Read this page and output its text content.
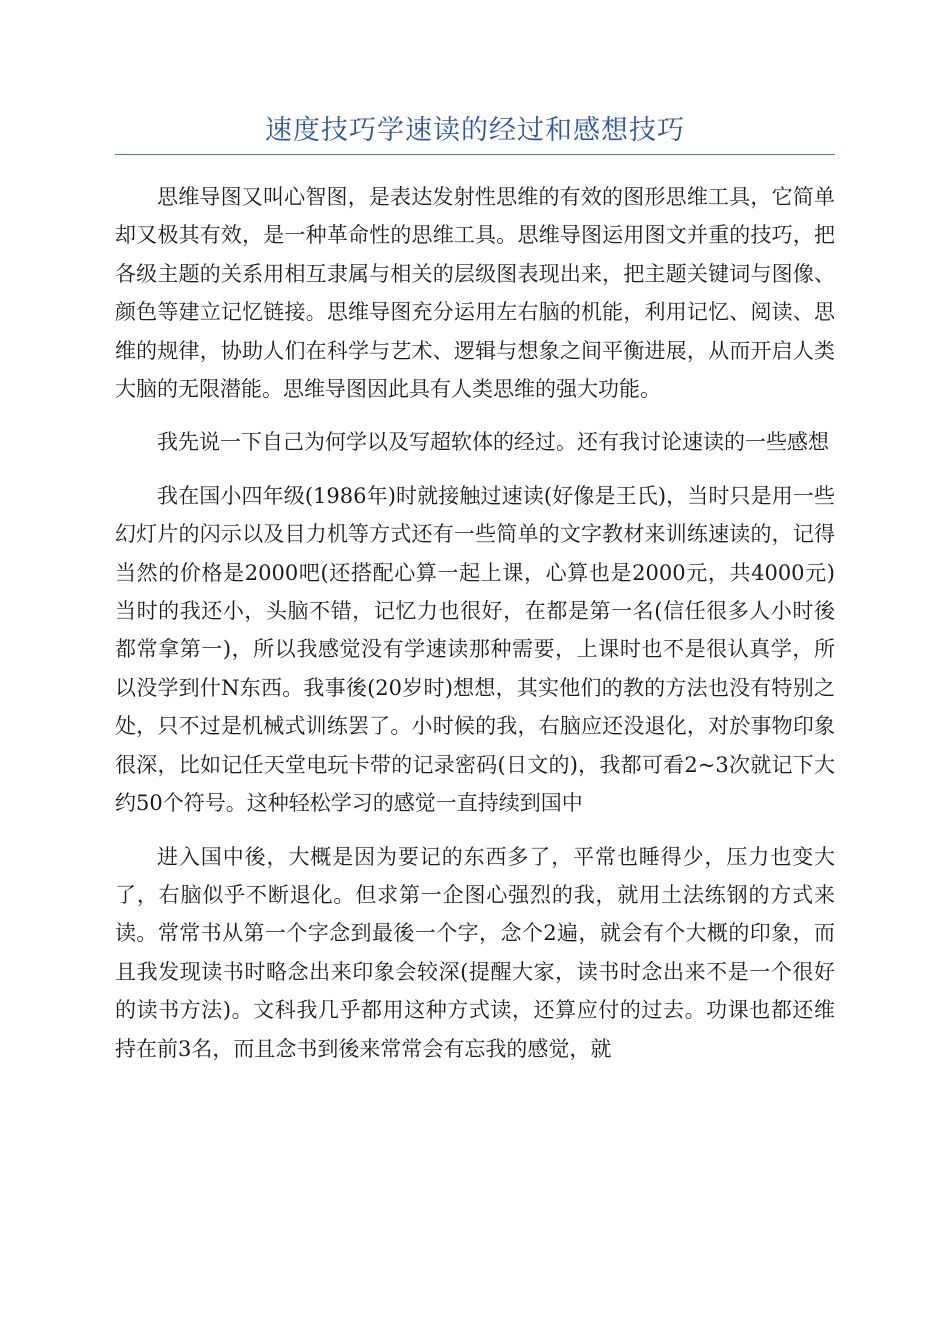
速度技巧学速读的经过和感想技巧

思维导图又叫心智图，是表达发射性思维的有效的图形思维工具，它简单却又极其有效，是一种革命性的思维工具。思维导图运用图文并重的技巧，把各级主题的关系用相互隶属与相关的层级图表现出来，把主题关键词与图像、颜色等建立记忆链接。思维导图充分运用左右脑的机能，利用记忆、阅读、思维的规律，协助人们在科学与艺术、逻辑与想象之间平衡进展，从而开启人类大脑的无限潜能。思维导图因此具有人类思维的强大功能。

我先说一下自己为何学以及写超软体的经过。还有我讨论速读的一些感想

我在国小四年级(1986年)时就接触过速读(好像是王氏)，当时只是用一些幻灯片的闪示以及目力机等方式还有一些简单的文字教材来训练速读的，记得当然的价格是2000吧(还搭配心算一起上课，心算也是2000元，共4000元)当时的我还小，头脑不错，记忆力也很好，在都是第一名(信任很多人小时後都常拿第一)，所以我感觉没有学速读那种需要，上课时也不是很认真学，所以没学到什N东西。我事後(20岁时)想想，其实他们的教的方法也没有特别之处，只不过是机械式训练罢了。小时候的我，右脑应还没退化，对於事物印象很深，比如记任天堂电玩卡带的记录密码(日文的)，我都可看2~3次就记下大约50个符号。这种轻松学习的感觉一直持续到国中

进入国中後，大概是因为要记的东西多了，平常也睡得少，压力也变大了，右脑似乎不断退化。但求第一企图心强烈的我，就用土法练钢的方式来读。常常书从第一个字念到最後一个字，念个2遍，就会有个大概的印象，而且我发现读书时略念出来印象会较深(提醒大家，读书时念出来不是一个很好的读书方法)。文科我几乎都用这种方式读，还算应付的过去。功课也都还维持在前3名，而且念书到後来常常会有忘我的感觉，就
